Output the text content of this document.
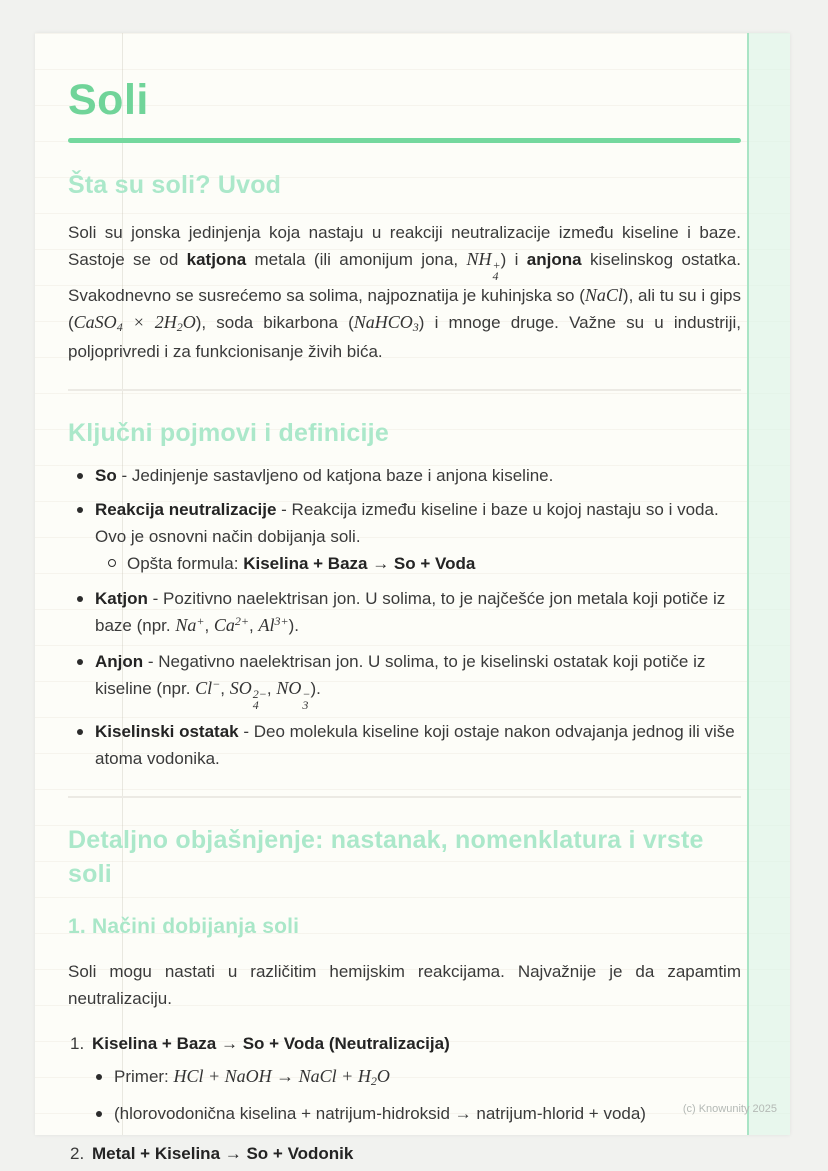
Soli
Šta su soli? Uvod

Soli su jonska jedinjenja koja nastaju u reakciji neutralizacije između kiseline i baze. Sastoje se od katjona metala (ili amonijum jona, NH +
4
) i anjona kiselinskog ostatka. Svakodnevno se susrećemo sa solima, najpoznatija je kuhinjska so (NaCl), ali tu su i gips (CaSO4 × 2H2O), soda bikarbona (NaHCO3) i mnoge druge. Važne su u industriji, poljoprivredi i za funkcionisanje živih bića.

Ključni pojmovi i definicije
So - Jedinjenje sastavljeno od katjona baze i anjona kiseline.
Reakcija neutralizacije - Reakcija između kiseline i baze u kojoj nastaju so i voda. Ovo je osnovni način dobijanja soli.
Opšta formula: Kiselina + Baza → So + Voda
Katjon - Pozitivno naelektrisan jon. U solima, to je najčešće jon metala koji potiče iz baze (npr. Na+, $Ca^{2+}$, $Al^{3+}$).
Anjon - Negativno naelektrisan jon. U solima, to je kiselinski ostatak koji potiče iz kiseline (npr. Cl−, SO 2−
4
, NO −
3
).
Kiselinski ostatak - Deo molekula kiseline koji ostaje nakon odvajanja jednog ili više atoma vodonika.
Detaljno objašnjenje: nastanak, nomenklatura i vrste soli
1. Načini dobijanja soli

Soli mogu nastati u različitim hemijskim reakcijama. Najvažnije je da zapamtim neutralizaciju.

Kiselina + Baza → So + Voda (Neutralizacija)
Primer: HCl + NaOH → NaCl + H2O
(hlorovodonična kiselina + natrijum-hidroksid → natrijum-hlorid + voda)
Metal + Kiselina → So + Vodonik
(c) Knowunity 2025
